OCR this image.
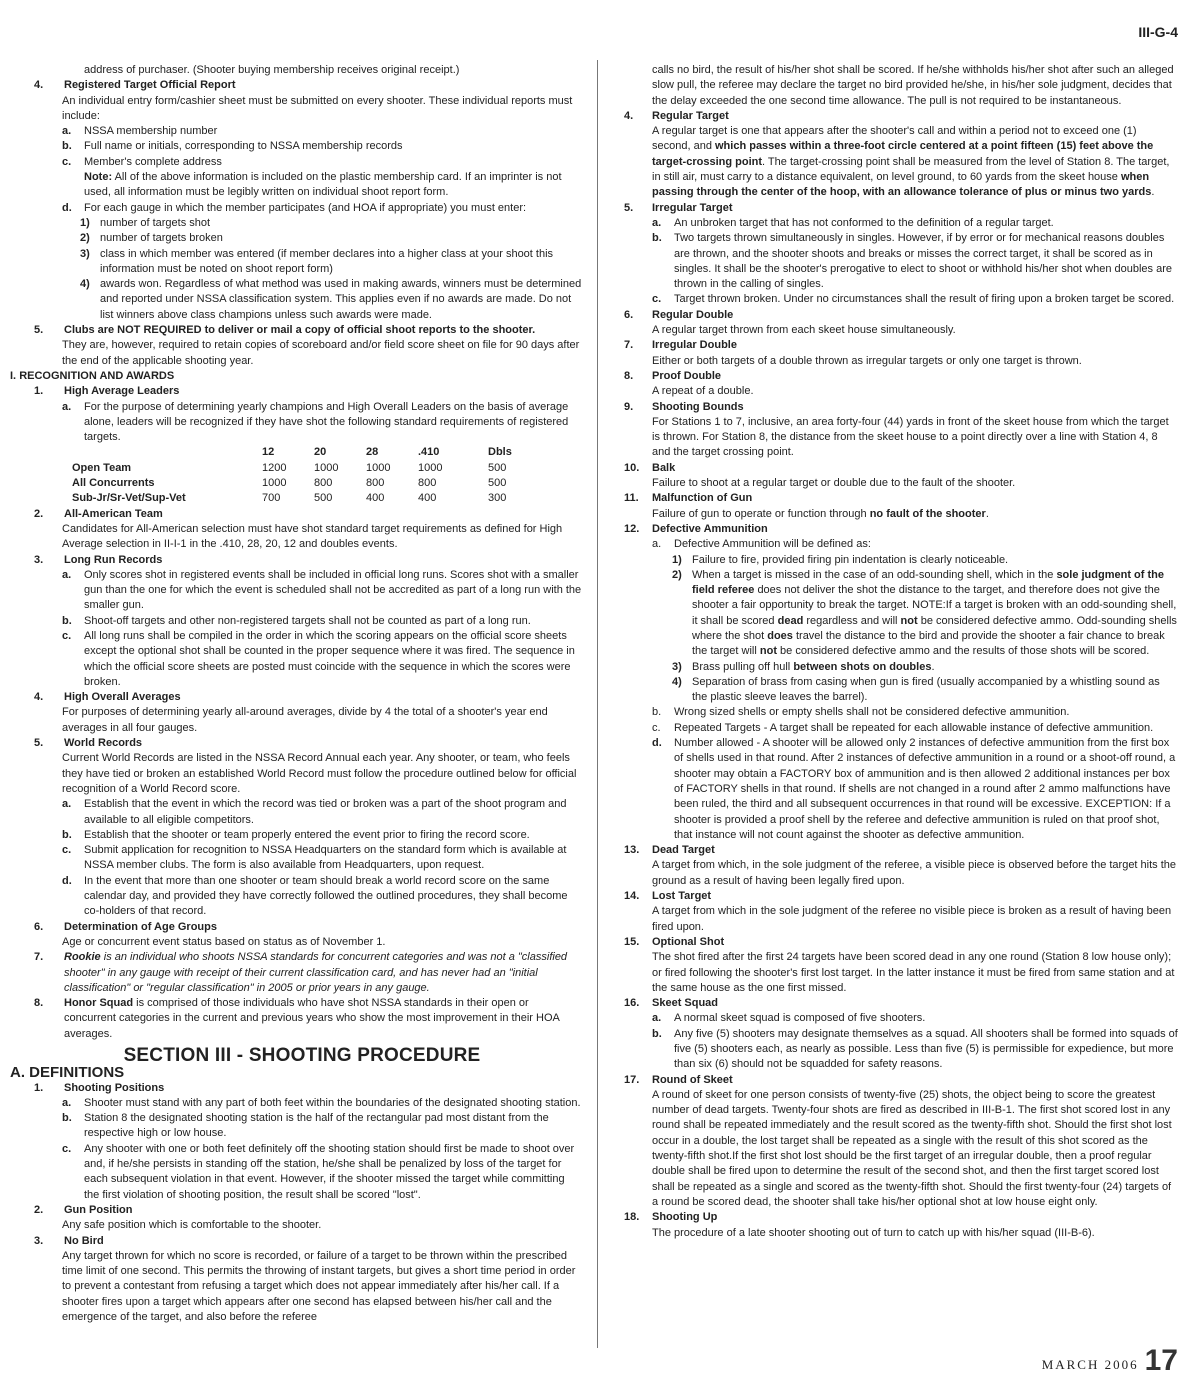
III-G-4
address of purchaser. (Shooter buying membership receives original receipt.)
4.	Registered Target Official Report
An individual entry form/cashier sheet must be submitted on every shooter. These individual reports must include:
a.	NSSA membership number
b.	Full name or initials, corresponding to NSSA membership records
c.	Member's complete address
Note: All of the above information is included on the plastic membership card. If an imprinter is not used, all information must be legibly written on individual shoot report form.
d.	For each gauge in which the member participates (and HOA if appropriate) you must enter:
1) number of targets shot
2) number of targets broken
3) class in which member was entered (if member declares into a higher class at your shoot this information must be noted on shoot report form)
4) awards won. Regardless of what method was used in making awards, winners must be determined and reported under NSSA classification system. This applies even if no awards are made. Do not list winners above class champions unless such awards were made.
5.	Clubs are NOT REQUIRED to deliver or mail a copy of official shoot reports to the shooter.
They are, however, required to retain copies of scoreboard and/or field score sheet on file for 90 days after the end of the applicable shooting year.
I. RECOGNITION AND AWARDS
1.	High Average Leaders
a.	For the purpose of determining yearly champions and High Overall Leaders on the basis of average alone, leaders will be recognized if they have shot the following standard requirements of registered targets.
	12	20	28	.410	Dbls
Open Team	1200	1000	1000	1000	500
All Concurrents	1000	800	800	800	500
Sub-Jr/Sr-Vet/Sup-Vet	700	500	400	400	300
2.	All-American Team
Candidates for All-American selection must have shot standard target requirements as defined for High Average selection in II-I-1 in the .410, 28, 20, 12 and doubles events.
3.	Long Run Records
a.	Only scores shot in registered events shall be included in official long runs. Scores shot with a smaller gun than the one for which the event is scheduled shall not be accredited as part of a long run with the smaller gun.
b.	Shoot-off targets and other non-registered targets shall not be counted as part of a long run.
c.	All long runs shall be compiled in the order in which the scoring appears on the official score sheets except the optional shot shall be counted in the proper sequence where it was fired. The sequence in which the official score sheets are posted must coincide with the sequence in which the scores were broken.
4.	High Overall Averages
For purposes of determining yearly all-around averages, divide by 4 the total of a shooter's year end averages in all four gauges.
5.	World Records
Current World Records are listed in the NSSA Record Annual each year. Any shooter, or team, who feels they have tied or broken an established World Record must follow the procedure outlined below for official recognition of a World Record score.
a.	Establish that the event in which the record was tied or broken was a part of the shoot program and available to all eligible competitors.
b.	Establish that the shooter or team properly entered the event prior to firing the record score.
c.	Submit application for recognition to NSSA Headquarters on the standard form which is available at NSSA member clubs. The form is also available from Headquarters, upon request.
d.	In the event that more than one shooter or team should break a world record score on the same calendar day, and provided they have correctly followed the outlined procedures, they shall become co-holders of that record.
6.	Determination of Age Groups
Age or concurrent event status based on status as of November 1.
7.	Rookie is an individual who shoots NSSA standards for concurrent categories and was not a "classified shooter" in any gauge with receipt of their current classification card, and has never had an "initial classification" or "regular classification" in 2005 or prior years in any gauge.
8.	Honor Squad is comprised of those individuals who have shot NSSA standards in their open or concurrent categories in the current and previous years who show the most improvement in their HOA averages.
SECTION III - SHOOTING PROCEDURE
A. DEFINITIONS
1.	Shooting Positions
a.	Shooter must stand with any part of both feet within the boundaries of the designated shooting station.
b.	Station 8 the designated shooting station is the half of the rectangular pad most distant from the respective high or low house.
c.	Any shooter with one or both feet definitely off the shooting station should first be made to shoot over and, if he/she persists in standing off the station, he/she shall be penalized by loss of the target for each subsequent violation in that event. However, if the shooter missed the target while committing the first violation of shooting position, the result shall be scored "lost".
2.	Gun Position
Any safe position which is comfortable to the shooter.
3.	No Bird
Any target thrown for which no score is recorded, or failure of a target to be thrown within the prescribed time limit of one second. This permits the throwing of instant targets, but gives a short time period in order to prevent a contestant from refusing a target which does not appear immediately after his/her call. If a shooter fires upon a target which appears after one second has elapsed between his/her call and the emergence of the target, and also before the referee
calls no bird, the result of his/her shot shall be scored. If he/she withholds his/her shot after such an alleged slow pull, the referee may declare the target no bird provided he/she, in his/her sole judgment, decides that the delay exceeded the one second time allowance. The pull is not required to be instantaneous.
4.	Regular Target
A regular target is one that appears after the shooter's call and within a period not to exceed one (1) second, and which passes within a three-foot circle centered at a point fifteen (15) feet above the target-crossing point. The target-crossing point shall be measured from the level of Station 8. The target, in still air, must carry to a distance equivalent, on level ground, to 60 yards from the skeet house when passing through the center of the hoop, with an allowance tolerance of plus or minus two yards.
5.	Irregular Target
a.	An unbroken target that has not conformed to the definition of a regular target.
b.	Two targets thrown simultaneously in singles. However, if by error or for mechanical reasons doubles are thrown, and the shooter shoots and breaks or misses the correct target, it shall be scored as in singles. It shall be the shooter's prerogative to elect to shoot or withhold his/her shot when doubles are thrown in the calling of singles.
c.	Target thrown broken. Under no circumstances shall the result of firing upon a broken target be scored.
6.	Regular Double
A regular target thrown from each skeet house simultaneously.
7.	Irregular Double
Either or both targets of a double thrown as irregular targets or only one target is thrown.
8.	Proof Double
A repeat of a double.
9.	Shooting Bounds
For Stations 1 to 7, inclusive, an area forty-four (44) yards in front of the skeet house from which the target is thrown. For Station 8, the distance from the skeet house to a point directly over a line with Station 4, 8 and the target crossing point.
10.	Balk
Failure to shoot at a regular target or double due to the fault of the shooter.
11.	Malfunction of Gun
Failure of gun to operate or function through no fault of the shooter.
12.	Defective Ammunition
a.	Defective Ammunition will be defined as:
1) Failure to fire, provided firing pin indentation is clearly noticeable.
2) When a target is missed in the case of an odd-sounding shell, which in the sole judgment of the field referee does not deliver the shot the distance to the target, and therefore does not give the shooter a fair opportunity to break the target. NOTE:If a target is broken with an odd-sounding shell, it shall be scored dead regardless and will not be considered defective ammo. Odd-sounding shells where the shot does travel the distance to the bird and provide the shooter a fair chance to break the target will not be considered defective ammo and the results of those shots will be scored.
3) Brass pulling off hull between shots on doubles.
4) Separation of brass from casing when gun is fired (usually accompanied by a whistling sound as the plastic sleeve leaves the barrel).
b.	Wrong sized shells or empty shells shall not be considered defective ammunition.
c.	Repeated Targets - A target shall be repeated for each allowable instance of defective ammunition.
d.	Number allowed - A shooter will be allowed only 2 instances of defective ammunition from the first box of shells used in that round. After 2 instances of defective ammunition in a round or a shoot-off round, a shooter may obtain a FACTORY box of ammunition and is then allowed 2 additional instances per box of FACTORY shells in that round. If shells are not changed in a round after 2 ammo malfunctions have been ruled, the third and all subsequent occurrences in that round will be excessive. EXCEPTION: If a shooter is provided a proof shell by the referee and defective ammunition is ruled on that proof shot, that instance will not count against the shooter as defective ammunition.
13.	Dead Target
A target from which, in the sole judgment of the referee, a visible piece is observed before the target hits the ground as a result of having been legally fired upon.
14.	Lost Target
A target from which in the sole judgment of the referee no visible piece is broken as a result of having been fired upon.
15.	Optional Shot
The shot fired after the first 24 targets have been scored dead in any one round (Station 8 low house only); or fired following the shooter's first lost target. In the latter instance it must be fired from same station and at the same house as the one first missed.
16.	Skeet Squad
a.	A normal skeet squad is composed of five shooters.
b.	Any five (5) shooters may designate themselves as a squad. All shooters shall be formed into squads of five (5) shooters each, as nearly as possible. Less than five (5) is permissible for expedience, but more than six (6) should not be squadded for safety reasons.
17.	Round of Skeet
A round of skeet for one person consists of twenty-five (25) shots, the object being to score the greatest number of dead targets. Twenty-four shots are fired as described in III-B-1. The first shot scored lost in any round shall be repeated immediately and the result scored as the twenty-fifth shot. Should the first shot lost occur in a double, the lost target shall be repeated as a single with the result of this shot scored as the twenty-fifth shot.If the first shot lost should be the first target of an irregular double, then a proof regular double shall be fired upon to determine the result of the second shot, and then the first target scored lost shall be repeated as a single and scored as the twenty-fifth shot. Should the first twenty-four (24) targets of a round be scored dead, the shooter shall take his/her optional shot at low house eight only.
18.	Shooting Up
The procedure of a late shooter shooting out of turn to catch up with his/her squad (III-B-6).
MARCH 2006 17
